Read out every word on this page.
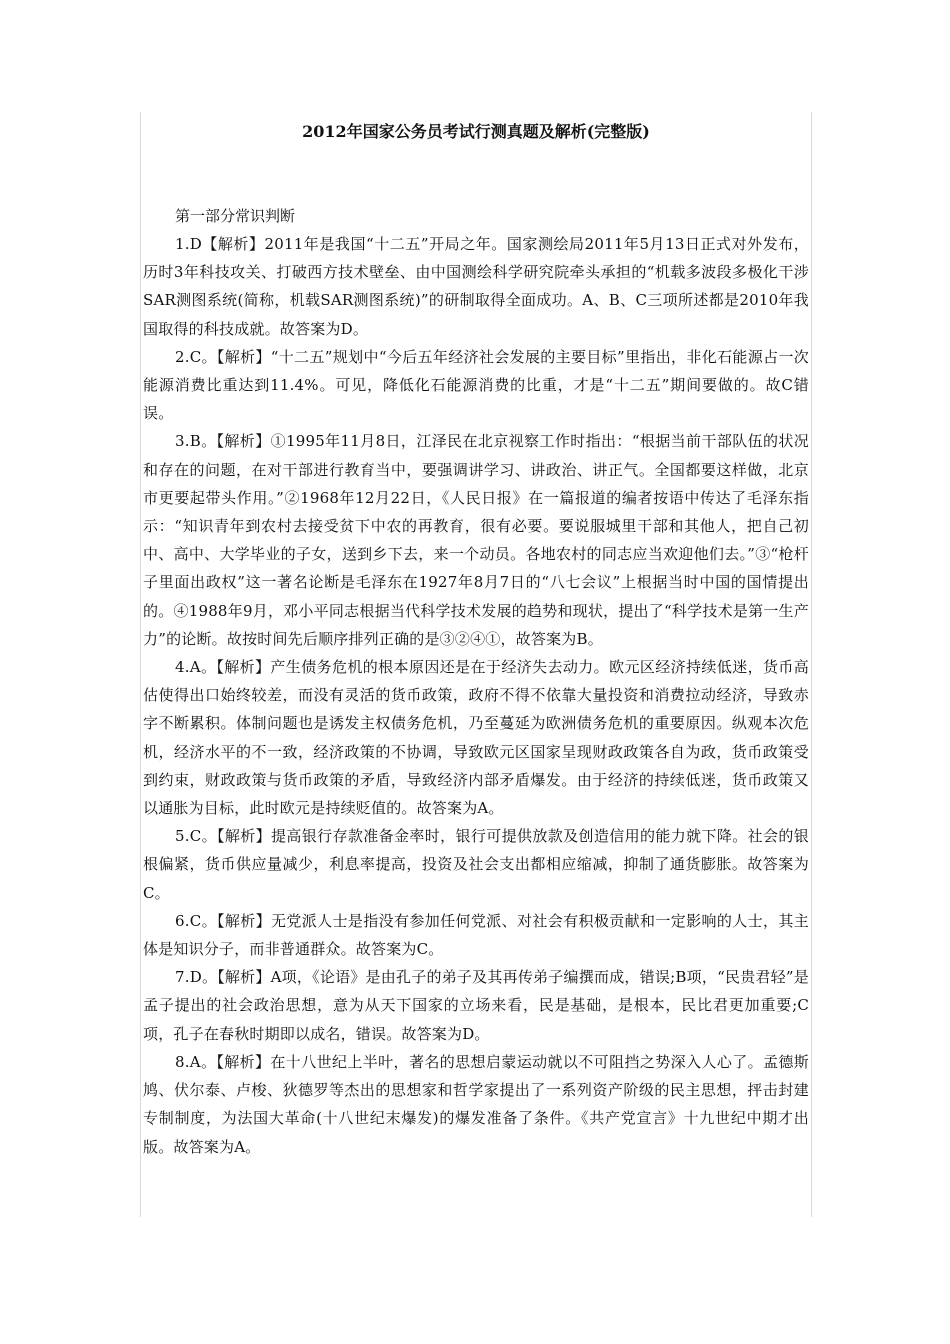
2012年国家公务员考试行测真题及解析(完整版)

第一部分常识判断

1.D【解析】2011年是我国“十二五”开局之年。国家测绘局2011年5月13日正式对外发布，历时3年科技攻关、打破西方技术壁垒、由中国测绘科学研究院牵头承担的“机载多波段多极化干涉SAR测图系统(简称，机载SAR测图系统)”的研制取得全面成功。A、B、C三项所述都是2010年我国取得的科技成就。故答案为D。

2.C。【解析】“十二五”规划中“今后五年经济社会发展的主要目标”里指出，非化石能源占一次能源消费比重达到11.4%。可见，降低化石能源消费的比重，才是“十二五”期间要做的。故C错误。

3.B。【解析】①1995年11月8日，江泽民在北京视察工作时指出：“根据当前干部队伍的状况和存在的问题，在对干部进行教育当中，要强调讲学习、讲政治、讲正气。全国都要这样做，北京市更要起带头作用。”②1968年12月22日，《人民日报》在一篇报道的编者按语中传达了毛泽东指示：“知识青年到农村去接受贫下中农的再教育，很有必要。要说服城里干部和其他人，把自己初中、高中、大学毕业的子女，送到乡下去，来一个动员。各地农村的同志应当欢迎他们去。”③“枪杆子里面出政权”这一著名论断是毛泽东在1927年8月7日的“八七会议”上根据当时中国的国情提出的。④1988年9月，邓小平同志根据当代科学技术发展的趋势和现状，提出了“科学技术是第一生产力”的论断。故按时间先后顺序排列正确的是③②④①，故答案为B。

4.A。【解析】产生债务危机的根本原因还是在于经济失去动力。欧元区经济持续低迷，货币高估使得出口始终较差，而没有灵活的货币政策，政府不得不依靠大量投资和消费拉动经济，导致赤字不断累积。体制问题也是诱发主权债务危机，乃至蔓延为欧洲债务危机的重要原因。纵观本次危机，经济水平的不一致，经济政策的不协调，导致欧元区国家呈现财政政策各自为政，货币政策受到约束，财政政策与货币政策的矛盾，导致经济内部矛盾爆发。由于经济的持续低迷，货币政策又以通胀为目标，此时欧元是持续贬值的。故答案为A。

5.C。【解析】提高银行存款准备金率时，银行可提供放款及创造信用的能力就下降。社会的银根偏紧，货币供应量减少，利息率提高，投资及社会支出都相应缩减，抑制了通货膨胀。故答案为C。

6.C。【解析】无党派人士是指没有参加任何党派、对社会有积极贡献和一定影响的人士，其主体是知识分子，而非普通群众。故答案为C。

7.D。【解析】A项，《论语》是由孔子的弟子及其再传弟子编撰而成，错误;B项，“民贵君轻”是孟子提出的社会政治思想，意为从天下国家的立场来看，民是基础，是根本，民比君更加重要;C项，孔子在春秋时期即以成名，错误。故答案为D。

8.A。【解析】在十八世纪上半叶，著名的思想启蒙运动就以不可阻挡之势深入人心了。孟德斯鸠、伏尔泰、卢梭、狄德罗等杰出的思想家和哲学家提出了一系列资产阶级的民主思想，抨击封建专制制度，为法国大革命(十八世纪末爆发)的爆发准备了条件。《共产党宣言》十九世纪中期才出版。故答案为A。
